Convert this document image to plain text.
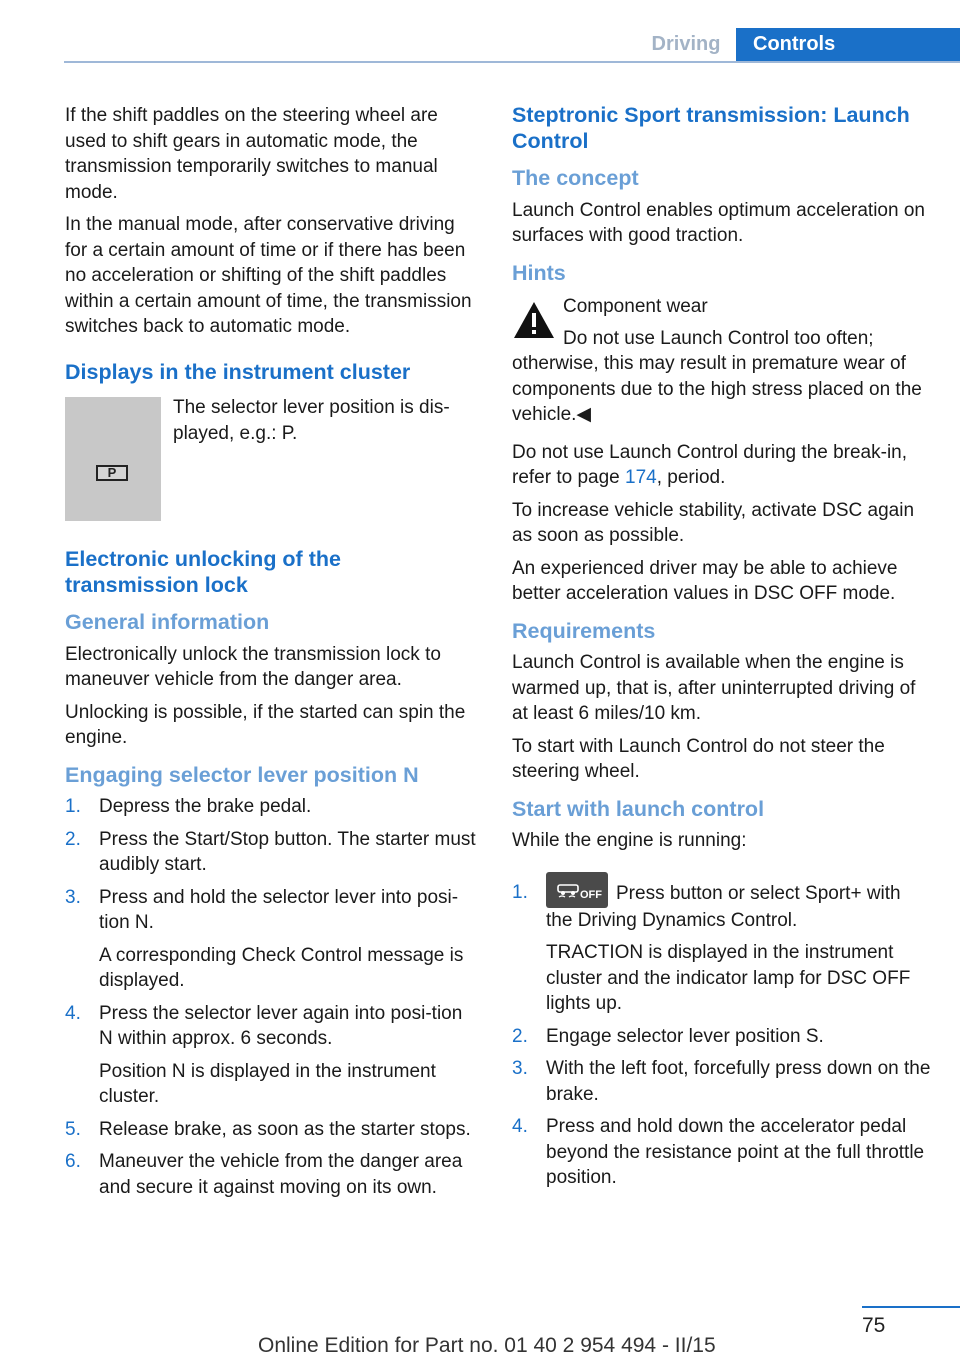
Driving	Controls

If the shift paddles on the steering wheel are used to shift gears in automatic mode, the transmission temporarily switches to manual mode.

In the manual mode, after conservative driving for a certain amount of time or if there has been no acceleration or shifting of the shift paddles within a certain amount of time, the transmission switches back to automatic mode.

Displays in the instrument cluster
P

The selector lever position is dis‐played, e.g.: P.

Electronic unlocking of the transmission lock
General information

Electronically unlock the transmission lock to maneuver vehicle from the danger area.

Unlocking is possible, if the started can spin the engine.

Engaging selector lever position N
1. Depress the brake pedal.
2. Press the Start/Stop button. The starter must audibly start.
3. Press and hold the selector lever into posi‐tion N.
A corresponding Check Control message is displayed.
4. Press the selector lever again into posi‐tion N within approx. 6 seconds.
Position N is displayed in the instrument cluster.
5. Release brake, as soon as the starter stops.
6. Maneuver the vehicle from the danger area and secure it against moving on its own.
Steptronic Sport transmission: Launch Control
The concept

Launch Control enables optimum acceleration on surfaces with good traction.

Hints
Component wear
Do not use Launch Control too often;

otherwise, this may result in premature wear of components due to the high stress placed on the vehicle.◀

Do not use Launch Control during the break-in, refer to page 174, period.

To increase vehicle stability, activate DSC again as soon as possible.

An experienced driver may be able to achieve better acceleration values in DSC OFF mode.

Requirements

Launch Control is available when the engine is warmed up, that is, after uninterrupted driving of at least 6 miles/10 km.

To start with Launch Control do not steer the steering wheel.

Start with launch control

While the engine is running:

1.	OFF Press button or select Sport+ with the Driving Dynamics Control.
TRACTION is displayed in the instrument cluster and the indicator lamp for DSC OFF lights up.
2. Engage selector lever position S.
3. With the left foot, forcefully press down on the brake.
4. Press and hold down the accelerator pedal beyond the resistance point at the full throttle position.
75
Online Edition for Part no. 01 40 2 954 494 - II/15
